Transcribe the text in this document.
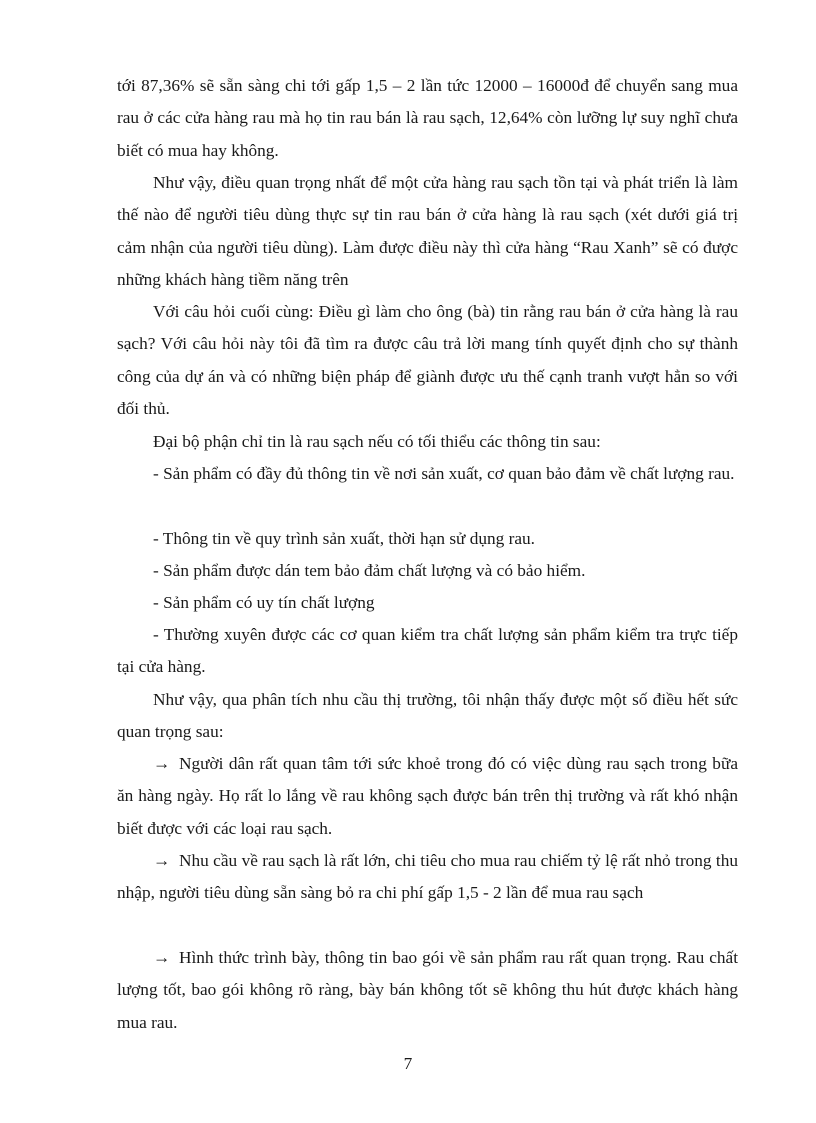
tới 87,36% sẽ sẵn sàng chi tới gấp 1,5 – 2 lần tức 12000 – 16000đ để chuyển sang mua rau ở các cửa hàng rau mà họ tin rau bán là rau sạch, 12,64% còn lưỡng lự suy nghĩ chưa biết có mua hay không.

Như vậy, điều quan trọng nhất để một cửa hàng rau sạch tồn tại và phát triển là làm thế nào để người tiêu dùng thực sự tin rau bán ở cửa hàng là rau sạch (xét dưới giá trị cảm nhận của người tiêu dùng). Làm được điều này thì cửa hàng “Rau Xanh” sẽ có được những khách hàng tiềm năng trên

Với câu hỏi cuối cùng: Điều gì làm cho ông (bà) tin rằng rau bán ở cửa hàng là rau sạch? Với câu hỏi này tôi đã tìm ra được câu trả lời mang tính quyết định cho sự thành công của dự án và có những biện pháp để giành được ưu thế cạnh tranh vượt hẳn so với đối thủ.

Đại bộ phận chỉ tin là rau sạch nếu có tối thiểu các thông tin sau:

- Sản phẩm có đầy đủ thông tin về nơi sản xuất, cơ quan bảo đảm về chất lượng rau.

- Thông tin về quy trình sản xuất, thời hạn sử dụng rau.

- Sản phẩm được dán tem bảo đảm chất lượng và có bảo hiểm.

- Sản phẩm có uy tín chất lượng

- Thường xuyên được các cơ quan kiểm tra chất lượng sản phẩm kiểm tra trực tiếp tại cửa hàng.

Như vậy, qua phân tích nhu cầu thị trường, tôi nhận thấy được một số điều hết sức quan trọng sau:

→ Người dân rất quan tâm tới sức khoẻ trong đó có việc dùng rau sạch trong bữa ăn hàng ngày. Họ rất lo lắng về rau không sạch được bán trên thị trường và rất khó nhận biết được với các loại rau sạch.

→ Nhu cầu về rau sạch là rất lớn, chi tiêu cho mua rau chiếm tỷ lệ rất nhỏ trong thu nhập, người tiêu dùng sẵn sàng bỏ ra chi phí gấp 1,5 - 2 lần để mua rau sạch

→ Hình thức trình bày, thông tin bao gói về sản phẩm rau rất quan trọng. Rau chất lượng tốt, bao gói không rõ ràng, bày bán không tốt sẽ không thu hút được khách hàng mua rau.

7
